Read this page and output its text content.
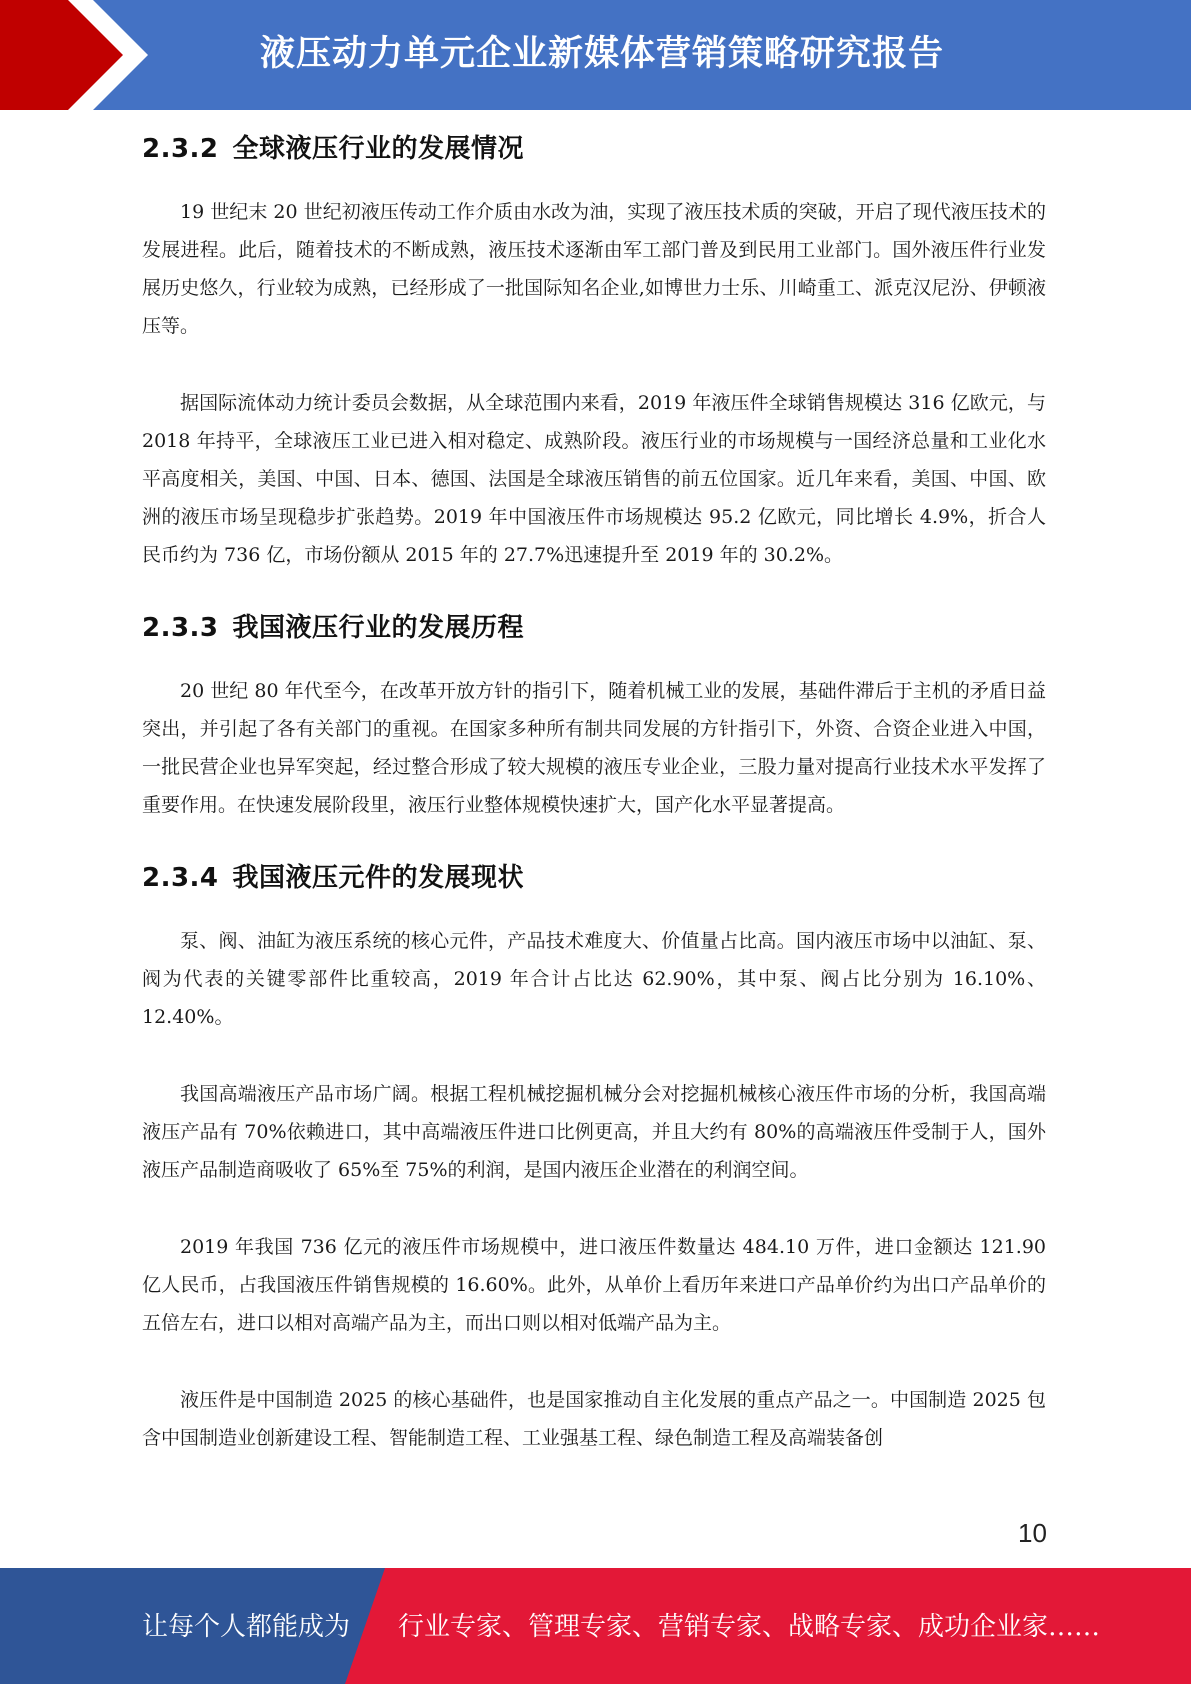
液压动力单元企业新媒体营销策略研究报告
2.3.2 全球液压行业的发展情况

19 世纪末 20 世纪初液压传动工作介质由水改为油，实现了液压技术质的突破，开启了现代液压技术的发展进程。此后，随着技术的不断成熟，液压技术逐渐由军工部门普及到民用工业部门。国外液压件行业发展历史悠久，行业较为成熟，已经形成了一批国际知名企业,如博世力士乐、川崎重工、派克汉尼汾、伊顿液压等。

据国际流体动力统计委员会数据，从全球范围内来看，2019 年液压件全球销售规模达 316 亿欧元，与 2018 年持平，全球液压工业已进入相对稳定、成熟阶段。液压行业的市场规模与一国经济总量和工业化水平高度相关，美国、中国、日本、德国、法国是全球液压销售的前五位国家。近几年来看，美国、中国、欧洲的液压市场呈现稳步扩张趋势。2019 年中国液压件市场规模达 95.2 亿欧元，同比增长 4.9%，折合人民币约为 736 亿，市场份额从 2015 年的 27.7%迅速提升至 2019 年的 30.2%。

2.3.3 我国液压行业的发展历程

20 世纪 80 年代至今，在改革开放方针的指引下，随着机械工业的发展，基础件滞后于主机的矛盾日益突出，并引起了各有关部门的重视。在国家多种所有制共同发展的方针指引下，外资、合资企业进入中国，一批民营企业也异军突起，经过整合形成了较大规模的液压专业企业，三股力量对提高行业技术水平发挥了重要作用。在快速发展阶段里，液压行业整体规模快速扩大，国产化水平显著提高。

2.3.4 我国液压元件的发展现状

泵、阀、油缸为液压系统的核心元件，产品技术难度大、价值量占比高。国内液压市场中以油缸、泵、阀为代表的关键零部件比重较高，2019 年合计占比达 62.90%，其中泵、阀占比分别为 16.10%、12.40%。

我国高端液压产品市场广阔。根据工程机械挖掘机械分会对挖掘机械核心液压件市场的分析，我国高端液压产品有 70%依赖进口，其中高端液压件进口比例更高，并且大约有 80%的高端液压件受制于人，国外液压产品制造商吸收了 65%至 75%的利润，是国内液压企业潜在的利润空间。

2019 年我国 736 亿元的液压件市场规模中，进口液压件数量达 484.10 万件，进口金额达 121.90 亿人民币，占我国液压件销售规模的 16.60%。此外，从单价上看历年来进口产品单价约为出口产品单价的五倍左右，进口以相对高端产品为主，而出口则以相对低端产品为主。

液压件是中国制造 2025 的核心基础件，也是国家推动自主化发展的重点产品之一。中国制造 2025 包含中国制造业创新建设工程、智能制造工程、工业强基工程、绿色制造工程及高端装备创

10
让每个人都能成为 行业专家、管理专家、营销专家、战略专家、成功企业家……
